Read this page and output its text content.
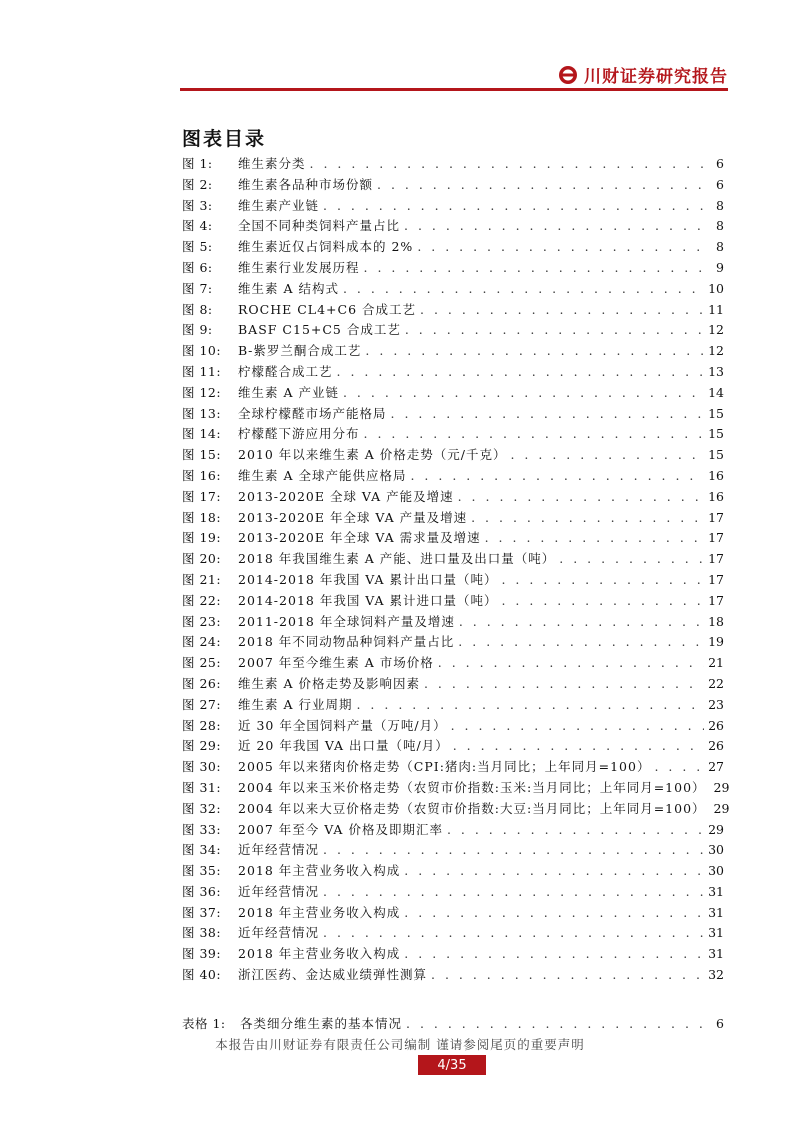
川财证券研究报告
图表目录
图 1:	维生素分类 . . .	6
图 2:	维生素各品种市场份额 . . .	6
图 3:	维生素产业链 . . .	8
图 4:	全国不同种类饲料产量占比 . . .	8
图 5:	维生素近仅占饲料成本的 2% . . .	8
图 6:	维生素行业发展历程 . . .	9
图 7:	维生素 A 结构式 . . .	10
图 8:	ROCHE CL4+C6 合成工艺 . . .	11
图 9:	BASF C15+C5 合成工艺 . . .	12
图 10:	Β-紫罗兰酮合成工艺 . . .	12
图 11:	柠檬醛合成工艺 . . .	13
图 12:	维生素 A 产业链 . . .	14
图 13:	全球柠檬醛市场产能格局 . . .	15
图 14:	柠檬醛下游应用分布 . . .	15
图 15:	2010 年以来维生素 A 价格走势（元/千克） . . .	15
图 16:	维生素 A 全球产能供应格局 . . .	16
图 17:	2013-2020E 全球 VA 产能及增速 . . .	16
图 18:	2013-2020E 年全球 VA 产量及增速 . . .	17
图 19:	2013-2020E 年全球 VA 需求量及增速 . . .	17
图 20:	2018 年我国维生素 A 产能、进口量及出口量（吨） . . .	17
图 21:	2014-2018 年我国 VA 累计出口量（吨） . . .	17
图 22:	2014-2018 年我国 VA 累计进口量（吨） . . .	17
图 23:	2011-2018 年全球饲料产量及增速 . . .	18
图 24:	2018 年不同动物品种饲料产量占比 . . .	19
图 25:	2007 年至今维生素 A 市场价格 . . .	21
图 26:	维生素 A 价格走势及影响因素 . . .	22
图 27:	维生素 A 行业周期 . . .	23
图 28:	近 30 年全国饲料产量（万吨/月） . . .	26
图 29:	近 20 年我国 VA 出口量（吨/月） . . .	26
图 30:	2005 年以来猪肉价格走势（CPI:猪肉:当月同比；上年同月=100） . . .	27
图 31:	2004 年以来玉米价格走势（农贸市价指数:玉米:当月同比；上年同月=100） 29
图 32:	2004 年以来大豆价格走势（农贸市价指数:大豆:当月同比；上年同月=100） 29
图 33:	2007 年至今 VA 价格及即期汇率 . . .	29
图 34:	近年经营情况 . . .	30
图 35:	2018 年主营业务收入构成 . . .	30
图 36:	近年经营情况 . . .	31
图 37:	2018 年主营业务收入构成 . . .	31
图 38:	近年经营情况 . . .	31
图 39:	2018 年主营业务收入构成 . . .	31
图 40:	浙江医药、金达威业绩弹性测算 . . .	32
表格 1:	各类细分维生素的基本情况 . . .	6
本报告由川财证券有限责任公司编制 谨请参阅尾页的重要声明
4/35
